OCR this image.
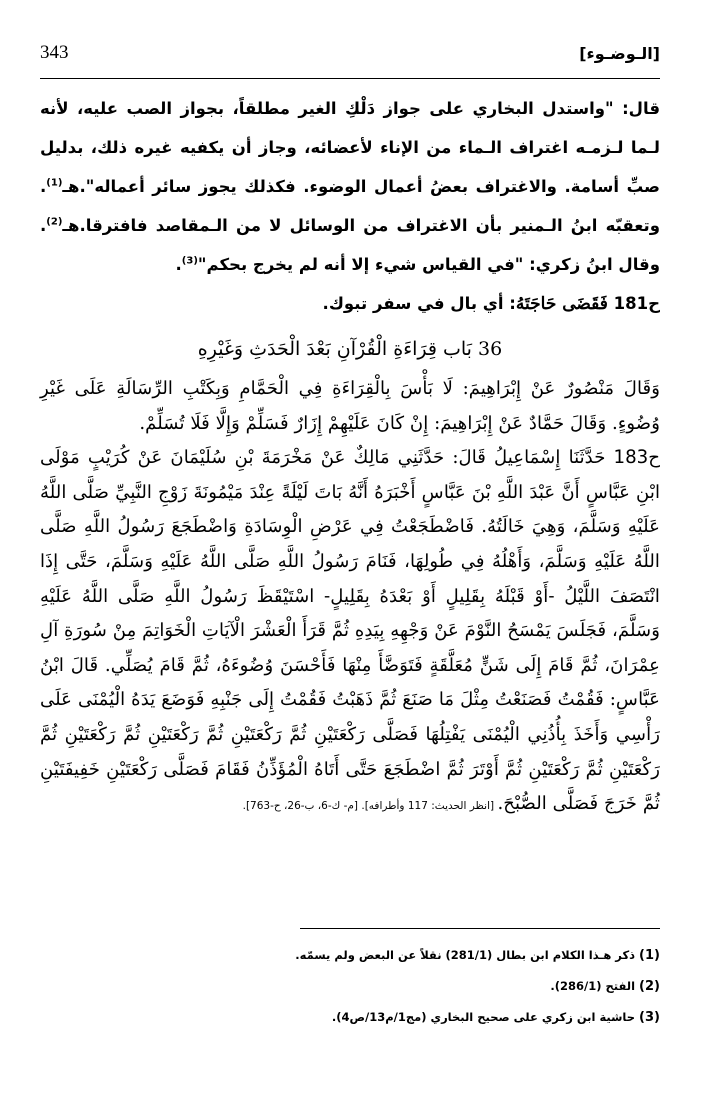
343	[الـوضـوء]

قال: "واستدل البخاري على جواز دَلْكِ الغير مطلقاً، بجواز الصب عليه، لأنه لـما لـزمـه اغتراف الـماء من الإناء لأعضائه، وجاز أن يكفيه غيره ذلك، بدليل صبِّ أسامة. والاغتراف بعضُ أعمال الوضوء. فكذلك يجوز سائر أعماله".هـ$^{(1)}$. وتعقبّه ابنُ الـمنير بأن الاغتراف من الوسائل لا من الـمقاصد فافترقا.هـ$^{(2)}$. وقال ابنُ زكري: "في القياس شيء إلا أنه لم يخرج بحكم"$^{(3)}$.

ح181 فَقَضَى حَاجَتَهُ: أي بال في سفر تبوك.
36 بَاب قِرَاءَةِ الْقُرْآنِ بَعْدَ الْحَدَثِ وَغَيْرِهِ

وَقَالَ مَنْصُورٌ عَنْ إِبْرَاهِيمَ: لَا بَأْسَ بِالْقِرَاءَةِ فِي الْحَمَّامِ وَبِكَتْبِ الرِّسَالَةِ عَلَى غَيْرِ وُضُوءٍ. وَقَالَ حَمَّادٌ عَنْ إِبْرَاهِيمَ: إِنْ كَانَ عَلَيْهِمْ إِزَارٌ فَسَلِّمْ وَإِلَّا فَلَا تُسَلِّمْ.

ح183 حَدَّثَنَا إِسْمَاعِيلُ قَالَ: حَدَّثَنِي مَالِكٌ عَنْ مَخْرَمَةَ بْنِ سُلَيْمَانَ عَنْ كُرَيْبٍ مَوْلَى ابْنِ عَبَّاسٍ أَنَّ عَبْدَ اللَّهِ بْنَ عَبَّاسٍ أَخْبَرَهُ أَنَّهُ بَاتَ لَيْلَةً عِنْدَ مَيْمُونَةَ زَوْجِ النَّبِيِّ صَلَّى اللَّهُ عَلَيْهِ وَسَلَّمَ، وَهِيَ خَالَتُهُ. فَاضْطَجَعْتُ فِي عَرْضِ الْوِسَادَةِ وَاضْطَجَعَ رَسُولُ اللَّهِ صَلَّى اللَّهُ عَلَيْهِ وَسَلَّمَ، وَأَهْلُهُ فِي طُولِهَا، فَنَامَ رَسُولُ اللَّهِ صَلَّى اللَّهُ عَلَيْهِ وَسَلَّمَ، حَتَّى إِذَا انْتَصَفَ اللَّيْلُ -أَوْ قَبْلَهُ بِقَلِيلٍ أَوْ بَعْدَهُ بِقَلِيلٍ- اسْتَيْقَظَ رَسُولُ اللَّهِ صَلَّى اللَّهُ عَلَيْهِ وَسَلَّمَ، فَجَلَسَ يَمْسَحُ النَّوْمَ عَنْ وَجْهِهِ بِيَدِهِ ثُمَّ قَرَأَ الْعَشْرَ الْآيَاتِ الْخَوَاتِمَ مِنْ سُورَةِ آلِ عِمْرَانَ، ثُمَّ قَامَ إِلَى شَنٍّ مُعَلَّقَةٍ فَتَوَضَّأَ مِنْهَا فَأَحْسَنَ وُضُوءَهُ، ثُمَّ قَامَ يُصَلِّي. قَالَ ابْنُ عَبَّاسٍ: فَقُمْتُ فَصَنَعْتُ مِثْلَ مَا صَنَعَ ثُمَّ ذَهَبْتُ فَقُمْتُ إِلَى جَنْبِهِ فَوَضَعَ يَدَهُ الْيُمْنَى عَلَى رَأْسِي وَأَخَذَ بِأُذُنِي الْيُمْنَى يَفْتِلُهَا فَصَلَّى رَكْعَتَيْنِ ثُمَّ رَكْعَتَيْنِ ثُمَّ رَكْعَتَيْنِ ثُمَّ رَكْعَتَيْنِ ثُمَّ رَكْعَتَيْنِ ثُمَّ رَكْعَتَيْنِ ثُمَّ أَوْتَرَ ثُمَّ اضْطَجَعَ حَتَّى أَتَاهُ الْمُؤَذِّنُ فَقَامَ فَصَلَّى رَكْعَتَيْنِ خَفِيفَتَيْنِ ثُمَّ خَرَجَ فَصَلَّى الصُّبْحَ. [انظر الحديث: 117 وأطرافه]. [م- ك-6، ب-26، ح-763].

(1) ذكر هـذا الكلام ابن بطال (281/1) نقلاً عن البعض ولم يسمّه.

(2) الفتح (286/1).

(3) حاشية ابن زكري على صحيح البخاري (مج1/م13/ص4).
